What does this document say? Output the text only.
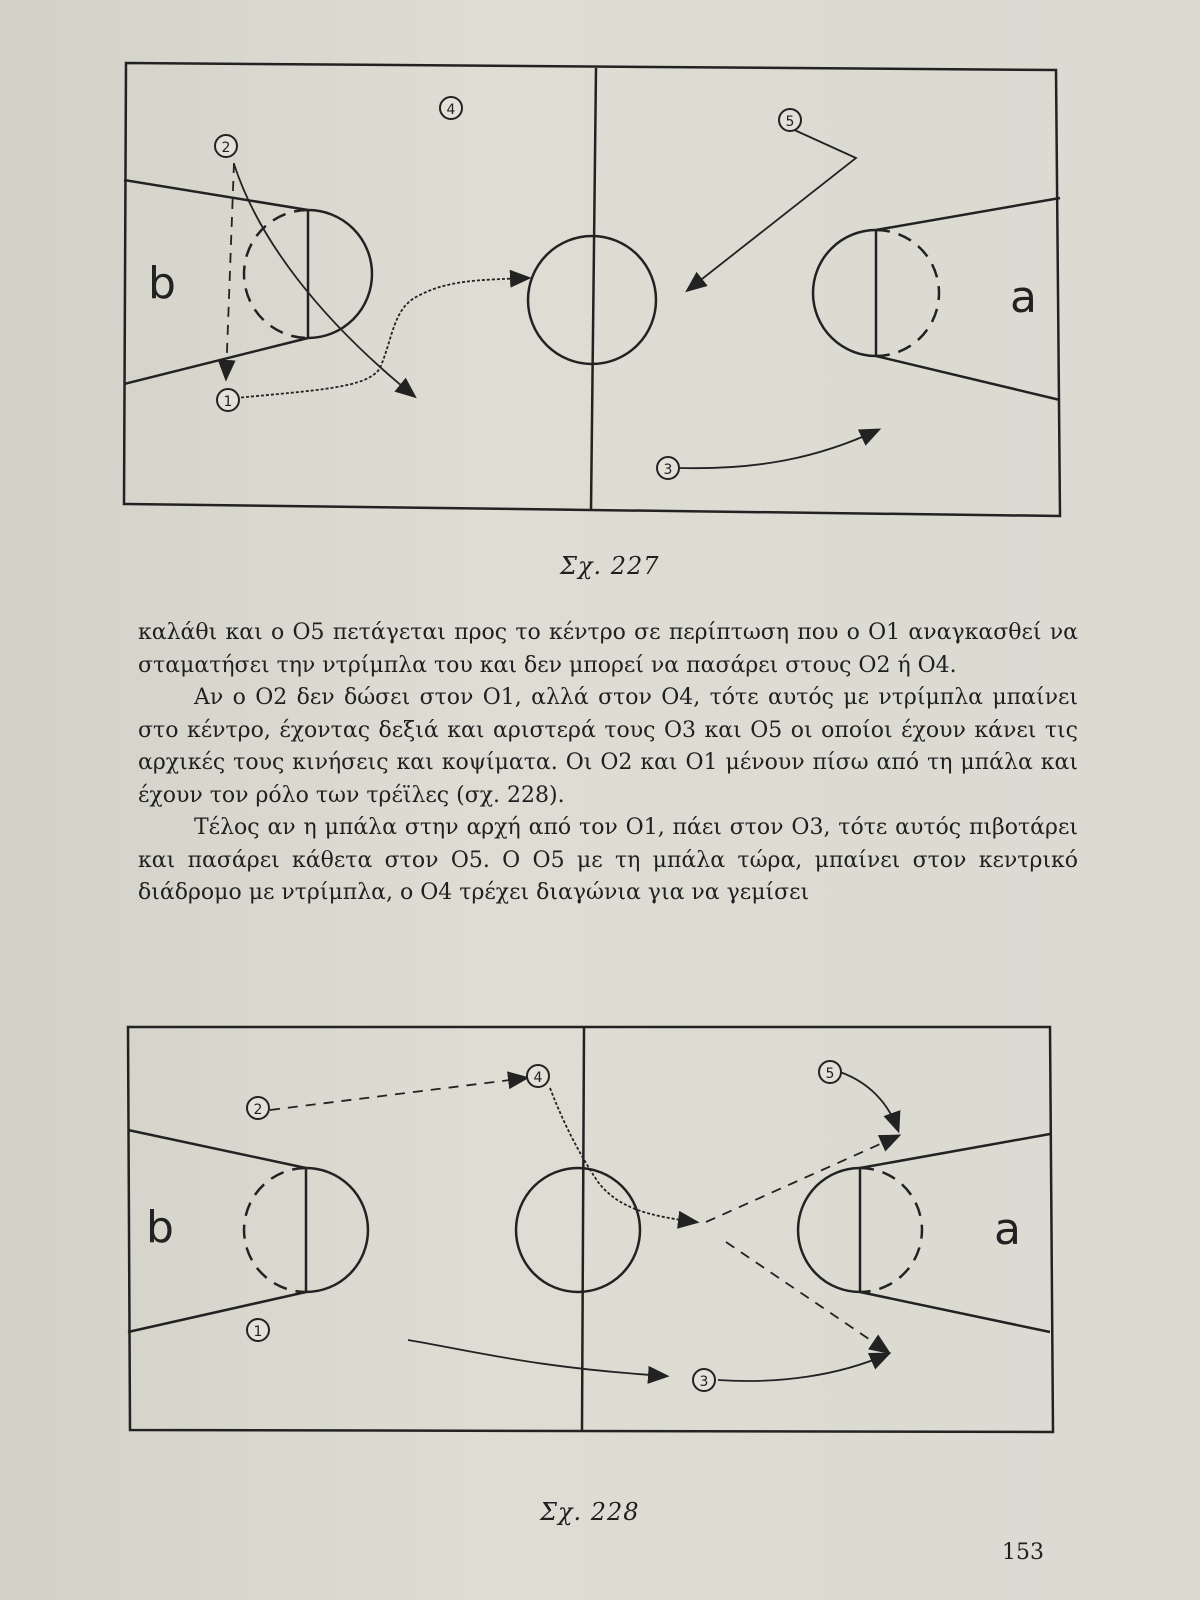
b	a
2
4
5
1
3
Σχ. 227

καλάθι και ο Ο5 πετάγεται προς το κέντρο σε περίπτωση που ο Ο1 αναγκασθεί να σταματήσει την ντρίμπλα του και δεν μπορεί να πασάρει στους Ο2 ή Ο4.

Αν ο Ο2 δεν δώσει στον Ο1, αλλά στον Ο4, τότε αυτός με ντρίμπλα μπαίνει στο κέντρο, έχοντας δεξιά και αριστερά τους Ο3 και Ο5 οι οποίοι έχουν κάνει τις αρχικές τους κινήσεις και κοψίματα. Οι Ο2 και Ο1 μένουν πίσω από τη μπάλα και έχουν τον ρόλο των τρέϊλες (σχ. 228).

Τέλος αν η μπάλα στην αρχή από τον Ο1, πάει στον Ο3, τότε αυτός πιβοτάρει και πασάρει κάθετα στον Ο5. Ο Ο5 με τη μπάλα τώρα, μπαίνει στον κεντρικό διάδρομο με ντρίμπλα, ο Ο4 τρέχει διαγώνια για να γεμίσει

b	a
2
4	5
1
3
Σχ. 228
153
